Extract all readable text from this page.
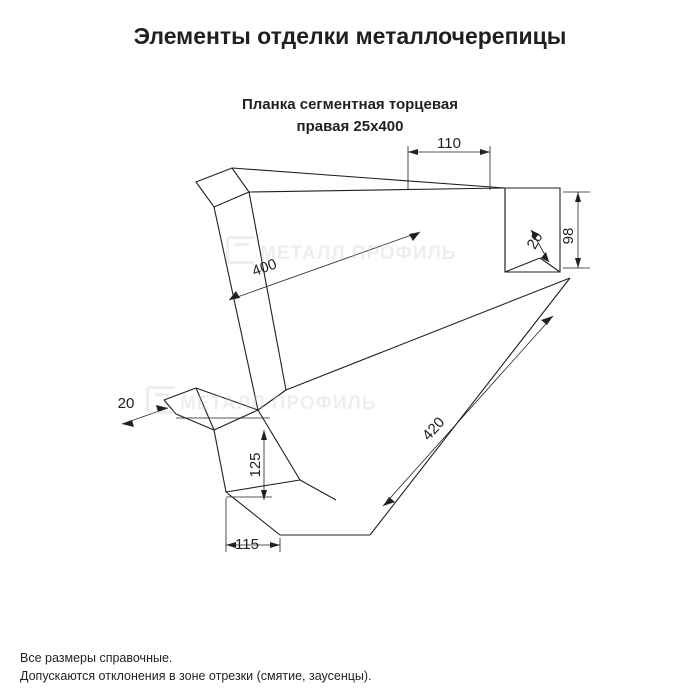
Элементы отделки металлочерепицы
Планка сегментная торцевая
правая 25х400
110
98
20
400
420
20
125
115
МЕТАЛЛ ПРОФИЛЬ
МЕТАЛЛ ПРОФИЛЬ
Все размеры справочные.
Допускаются отклонения в зоне отрезки (смятие, заусенцы).
